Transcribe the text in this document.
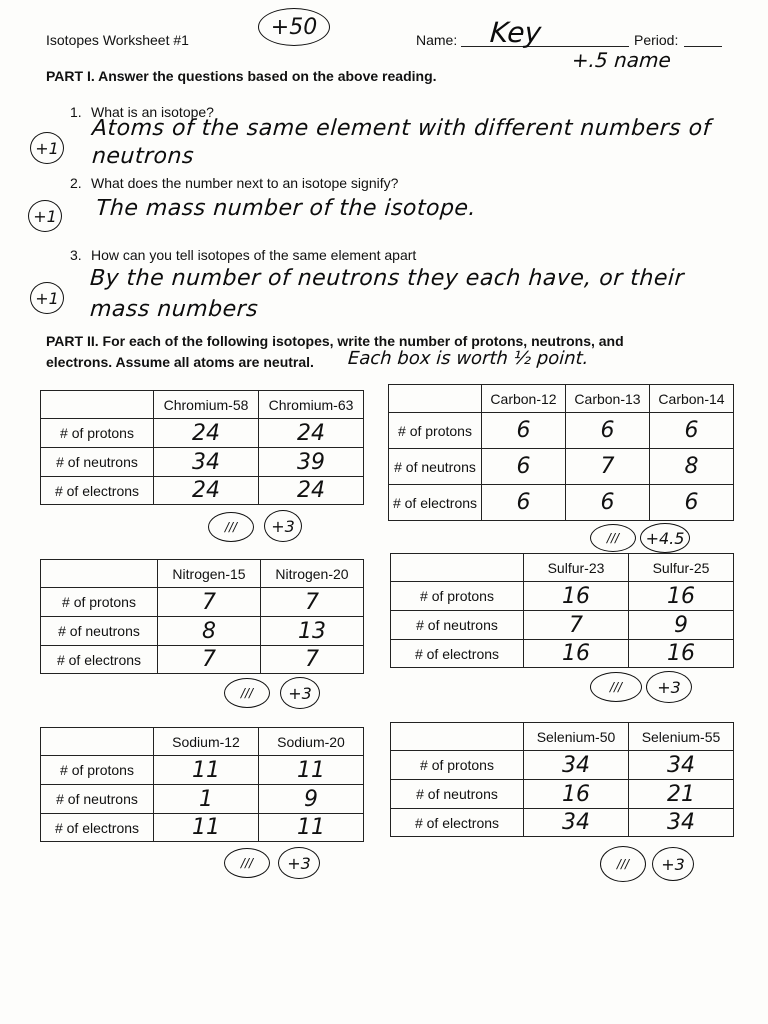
Isotopes Worksheet #1
+50
Name: Key	Period:
+.5 name
PART I. Answer the questions based on the above reading.
1. What is an isotope?
+1
Atoms of the same element with different numbers of
neutrons
2. What does the number next to an isotope signify?
+1 The mass number of the isotope.
3. How can you tell isotopes of the same element apart
+1
By the number of neutrons they each have, or their
mass numbers
PART II. For each of the following isotopes, write the number of protons, neutrons, and
electrons. Assume all atoms are neutral. Each box is worth ½ point.
	Chromium-58	Chromium-63
# of protons	24	24
# of neutrons	34	39
# of electrons	24	24
///	+3
	Carbon-12	Carbon-13	Carbon-14
# of protons	6	6	6
# of neutrons	6	7	8
# of electrons	6	6	6
///	+4.5
	Nitrogen-15	Nitrogen-20
# of protons	7	7
# of neutrons	8	13
# of electrons	7	7
///	+3
	Sulfur-23	Sulfur-25
# of protons	16	16
# of neutrons	7	9
# of electrons	16	16
///	+3
	Sodium-12	Sodium-20
# of protons	11	11
# of neutrons	1	9
# of electrons	11	11
///	+3
	Selenium-50	Selenium-55
# of protons	34	34
# of neutrons	16	21
# of electrons	34	34
///	+3
